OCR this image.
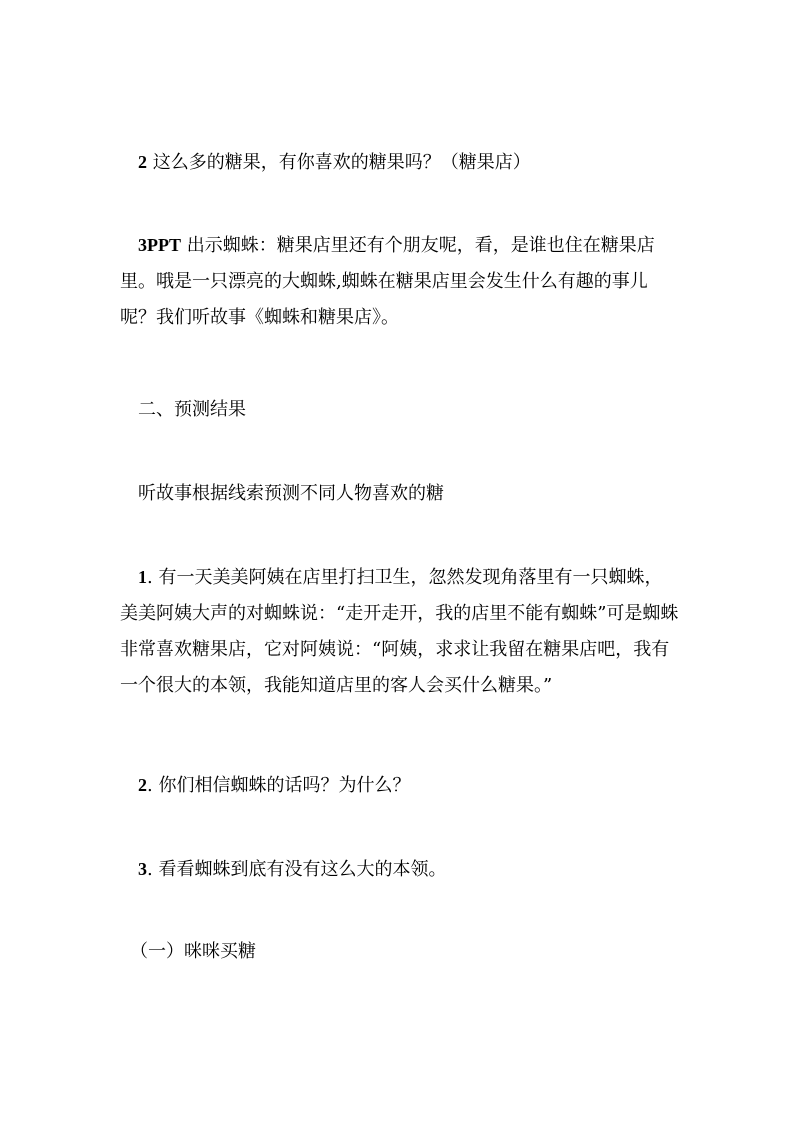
2 这么多的糖果，有你喜欢的糖果吗？（糖果店）

3PPT 出示蜘蛛：糖果店里还有个朋友呢，看，是谁也住在糖果店里。哦是一只漂亮的大蜘蛛,蜘蛛在糖果店里会发生什么有趣的事儿呢？我们听故事《蜘蛛和糖果店》。

二、预测结果

听故事根据线索预测不同人物喜欢的糖

1. 有一天美美阿姨在店里打扫卫生，忽然发现角落里有一只蜘蛛，美美阿姨大声的对蜘蛛说：“走开走开，我的店里不能有蜘蛛”可是蜘蛛非常喜欢糖果店，它对阿姨说：“阿姨，求求让我留在糖果店吧，我有一个很大的本领，我能知道店里的客人会买什么糖果。”

2. 你们相信蜘蛛的话吗？为什么？

3. 看看蜘蛛到底有没有这么大的本领。

（一）咪咪买糖
